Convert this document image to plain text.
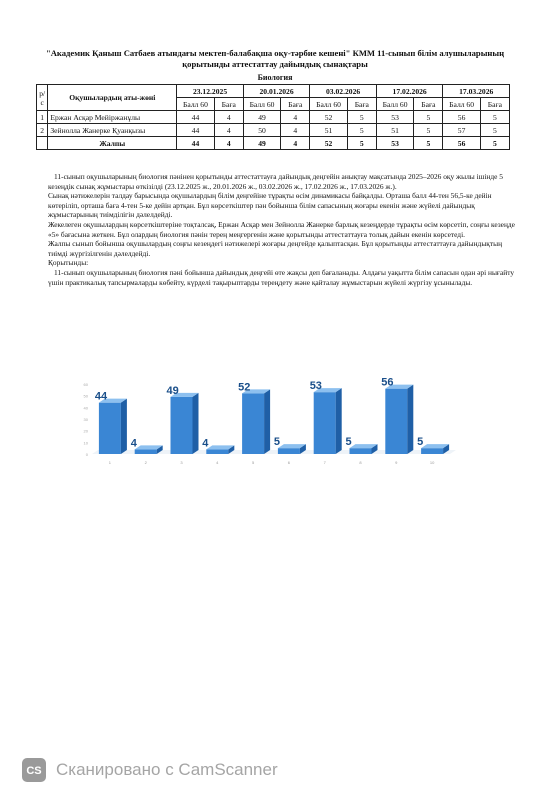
"Академик Қаныш Сатбаев атындағы мектеп-балабақша оқу-тәрбие кешені" КММ 11-сынып білім алушыларының қорытынды аттестаттау дайындық сынақтары
Биология
р/с	Оқушылардың аты-жөні	23.12.2025		20.01.2026		03.02.2026		17.02.2026		17.03.2026	
		Балл 60	Баға	Балл 60	Баға	Балл 60	Баға	Балл 60	Баға	Балл 60	Баға
1	Ержан Асқар Мейіржанұлы	44	4	49	4	52	5	53	5	56	5
2	Зейнолла Жанерке Қуанқызы	44	4	50	4	51	5	51	5	57	5
	Жалпы	44	4	49	4	52	5	53	5	56	5

11-сынып оқушыларының биология пәнінен қорытынды аттестаттауға дайындық деңгейін анықтау мақсатында 2025–2026 оқу жылы ішінде 5 кезеңдік сынақ жұмыстары өткізілді (23.12.2025 ж., 20.01.2026 ж., 03.02.2026 ж., 17.02.2026 ж., 17.03.2026 ж.).

Сынақ нәтижелерін талдау барысында оқушылардың білім деңгейіне тұрақты өсім динамикасы байқалды. Орташа балл 44-тен 56,5-ке дейін көтеріліп, орташа баға 4-тен 5-ке дейін артқан. Бұл көрсеткіштер пән бойынша білім сапасының жоғары екенін және жүйелі дайындық жұмыстарының тиімділігін дәлелдейді.

Жекелеген оқушылардың көрсеткіштеріне тоқталсақ, Ержан Асқар мен Зейнолла Жанерке барлық кезеңдерде тұрақты өсім көрсетіп, соңғы кезеңде «5» бағасына жеткен. Бұл олардың биология пәнін терең меңгергенін және қорытынды аттестаттауға толық дайын екенін көрсетеді.

Жалпы сынып бойынша оқушылардың соңғы кезеңдегі нәтижелері жоғары деңгейде қалыптасқан. Бұл қорытынды аттестаттауға дайындықтың тиімді жүргізілгенін дәлелдейді.

Қорытынды:

11-сынып оқушыларының биология пәні бойынша дайындық деңгейі өте жақсы деп бағаланады. Алдағы уақытта білім сапасын одан әрі нығайту үшін практикалық тапсырмаларды көбейту, күрделі тақырыптарды тереңдету және қайталау жұмыстарын жүйелі жүргізу ұсынылады.

0
10
20
30
40
50
60
44
1
4
2
49
3
4
4
52
5
5
6
53
7
5
8
56
9
5
10
CS Сканировано с CamScanner
